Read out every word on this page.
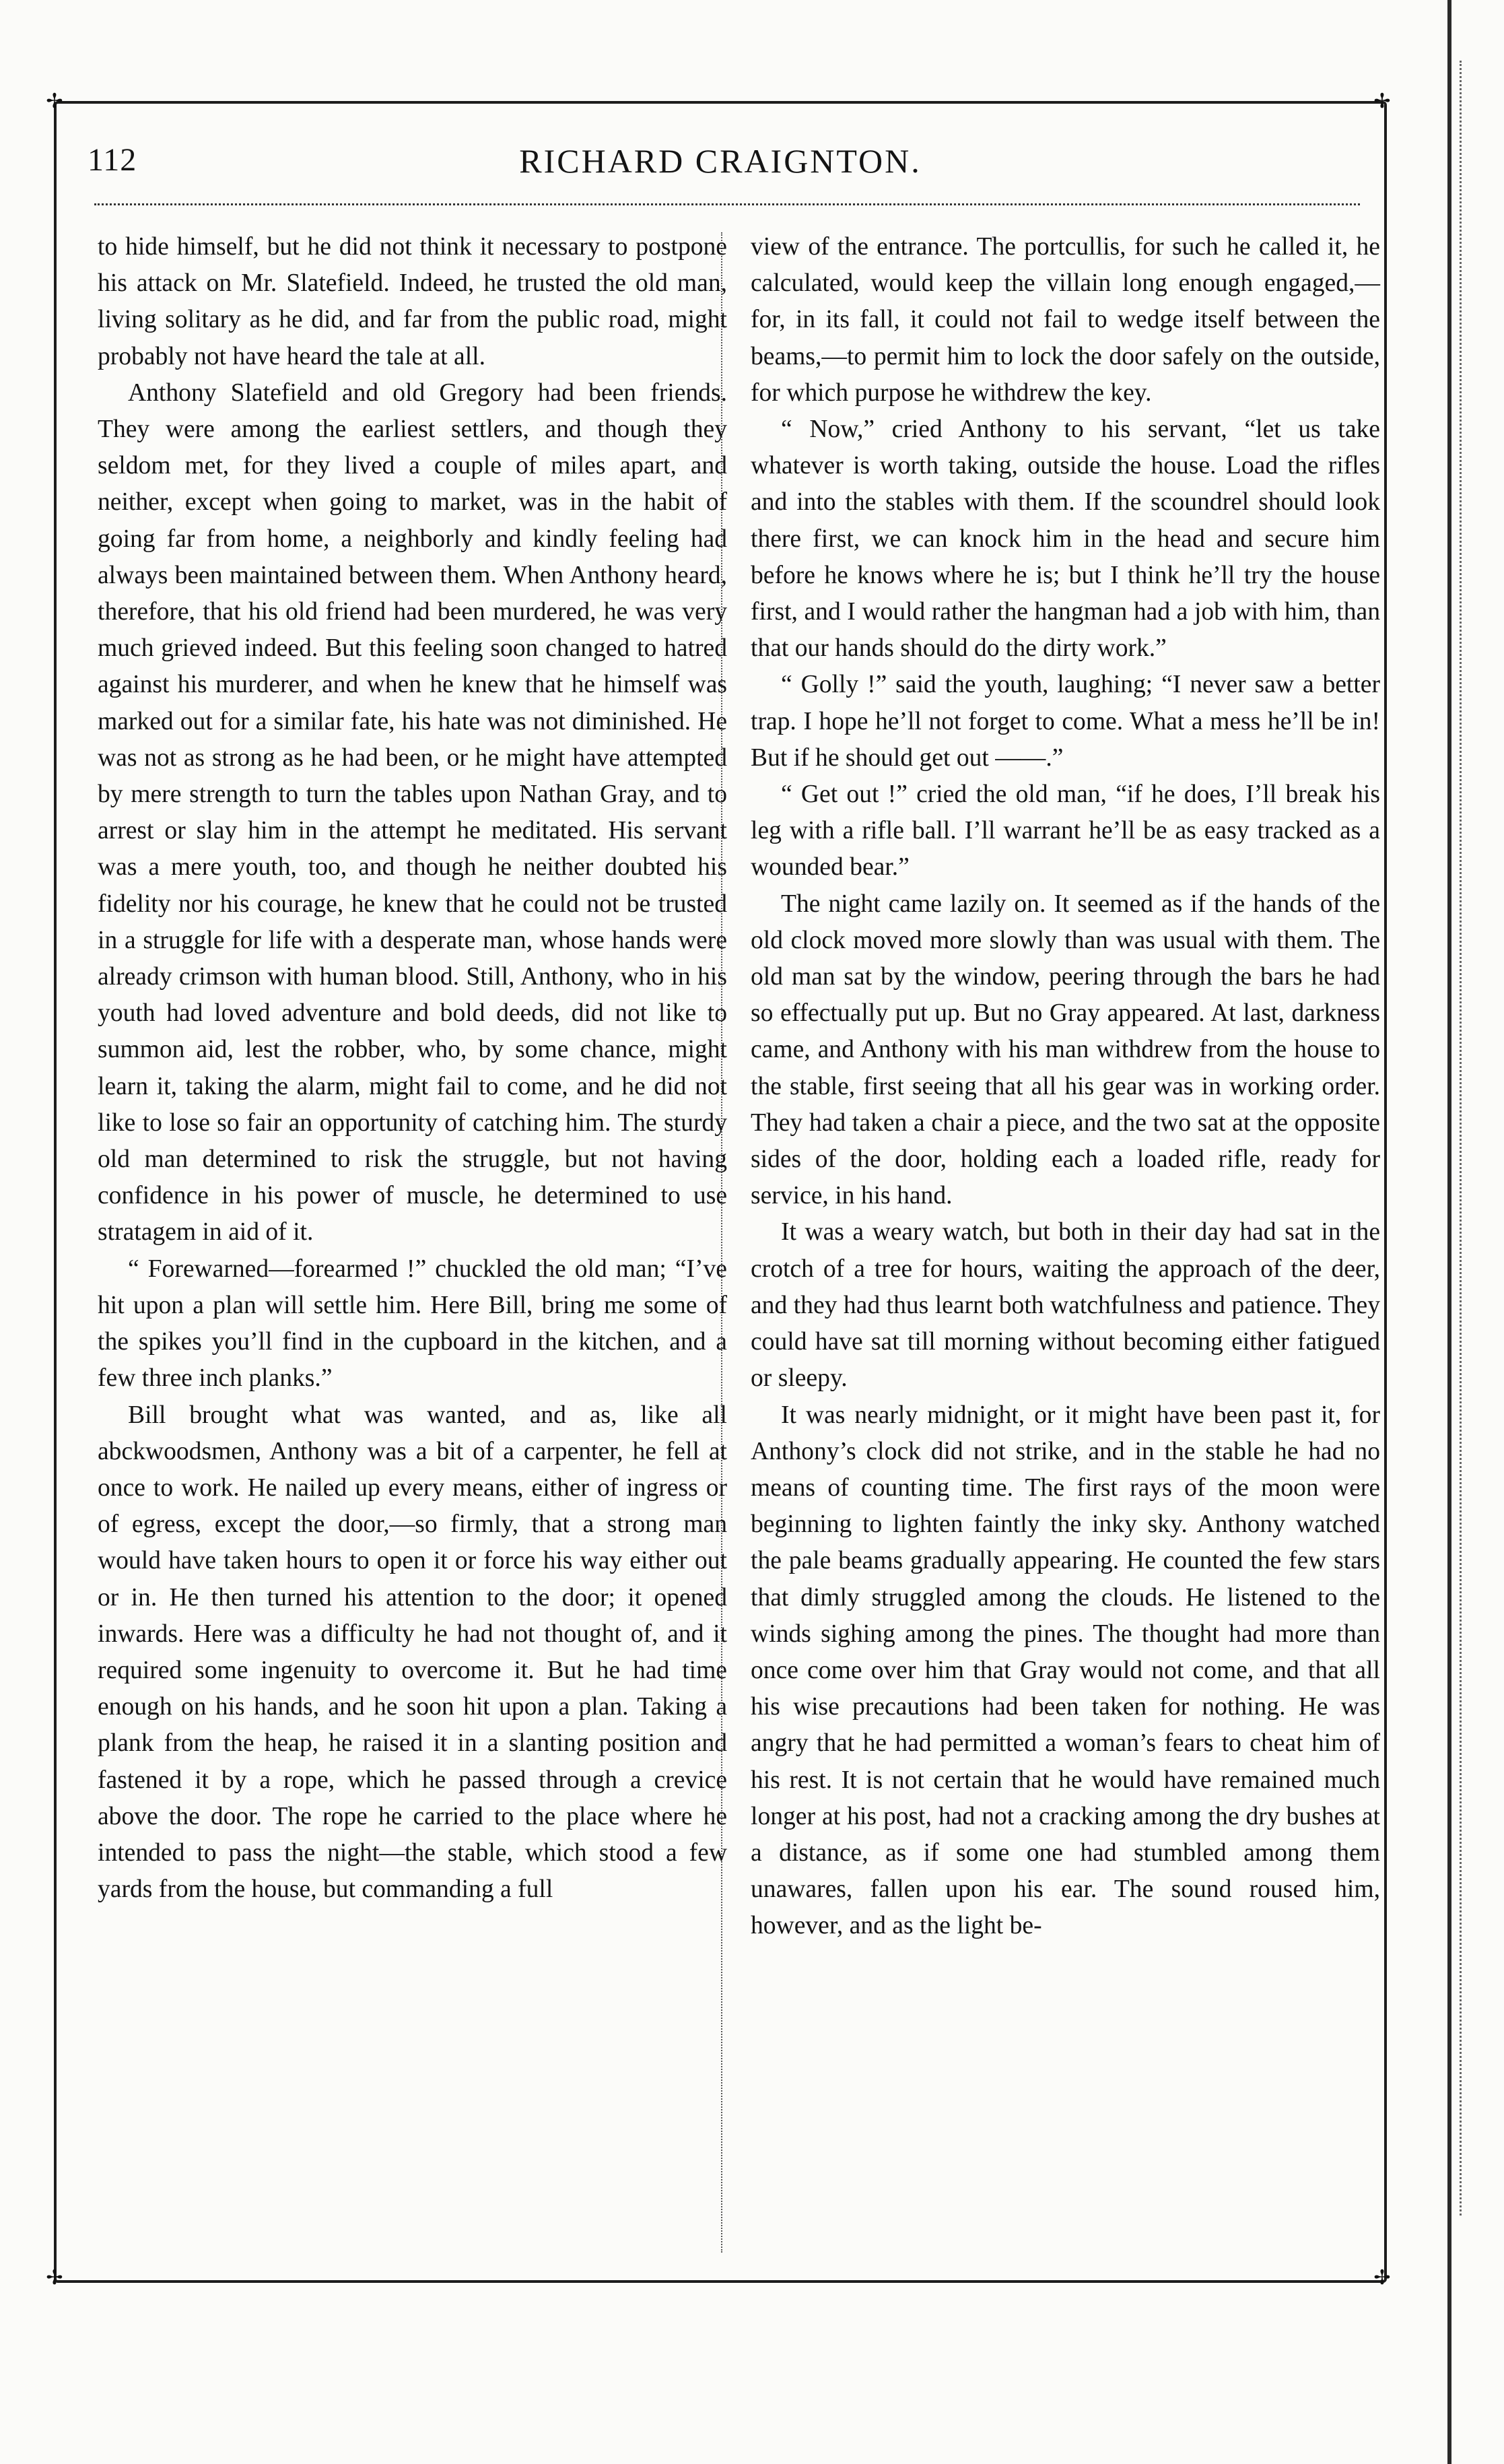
✢	✢
✢	✢
112	RICHARD CRAIGNTON.

to hide himself, but he did not think it necessary to postpone his attack on Mr. Slatefield. Indeed, he trusted the old man, living solitary as he did, and far from the public road, might probably not have heard the tale at all.

Anthony Slatefield and old Gregory had been friends. They were among the earliest settlers, and though they seldom met, for they lived a couple of miles apart, and neither, except when going to market, was in the habit of going far from home, a neighborly and kindly feeling had always been maintained between them. When Anthony heard, therefore, that his old friend had been murdered, he was very much grieved indeed. But this feeling soon changed to hatred against his murderer, and when he knew that he himself was marked out for a similar fate, his hate was not diminished. He was not as strong as he had been, or he might have attempted by mere strength to turn the tables upon Nathan Gray, and to arrest or slay him in the attempt he meditated. His servant was a mere youth, too, and though he neither doubted his fidelity nor his courage, he knew that he could not be trusted in a struggle for life with a desperate man, whose hands were already crimson with human blood. Still, Anthony, who in his youth had loved adventure and bold deeds, did not like to summon aid, lest the robber, who, by some chance, might learn it, taking the alarm, might fail to come, and he did not like to lose so fair an opportunity of catching him. The sturdy old man determined to risk the struggle, but not having confidence in his power of muscle, he determined to use stratagem in aid of it.

“ Forewarned—forearmed !” chuckled the old man; “I’ve hit upon a plan will settle him. Here Bill, bring me some of the spikes you’ll find in the cupboard in the kitchen, and a few three inch planks.”

Bill brought what was wanted, and as, like all abckwoodsmen, Anthony was a bit of a carpenter, he fell at once to work. He nailed up every means, either of ingress or of egress, except the door,—so firmly, that a strong man would have taken hours to open it or force his way either out or in. He then turned his attention to the door; it opened inwards. Here was a difficulty he had not thought of, and it required some ingenuity to overcome it. But he had time enough on his hands, and he soon hit upon a plan. Taking a plank from the heap, he raised it in a slanting position and fastened it by a rope, which he passed through a crevice above the door. The rope he carried to the place where he intended to pass the night—the stable, which stood a few yards from the house, but commanding a full

view of the entrance. The portcullis, for such he called it, he calculated, would keep the villain long enough engaged,—for, in its fall, it could not fail to wedge itself between the beams,—to permit him to lock the door safely on the outside, for which purpose he withdrew the key.

“ Now,” cried Anthony to his servant, “let us take whatever is worth taking, outside the house. Load the rifles and into the stables with them. If the scoundrel should look there first, we can knock him in the head and secure him before he knows where he is; but I think he’ll try the house first, and I would rather the hangman had a job with him, than that our hands should do the dirty work.”

“ Golly !” said the youth, laughing; “I never saw a better trap. I hope he’ll not forget to come. What a mess he’ll be in! But if he should get out ——.”

“ Get out !” cried the old man, “if he does, I’ll break his leg with a rifle ball. I’ll warrant he’ll be as easy tracked as a wounded bear.”

The night came lazily on. It seemed as if the hands of the old clock moved more slowly than was usual with them. The old man sat by the window, peering through the bars he had so effectually put up. But no Gray appeared. At last, darkness came, and Anthony with his man withdrew from the house to the stable, first seeing that all his gear was in working order. They had taken a chair a piece, and the two sat at the opposite sides of the door, holding each a loaded rifle, ready for service, in his hand.

It was a weary watch, but both in their day had sat in the crotch of a tree for hours, waiting the approach of the deer, and they had thus learnt both watchfulness and patience. They could have sat till morning without becoming either fatigued or sleepy.

It was nearly midnight, or it might have been past it, for Anthony’s clock did not strike, and in the stable he had no means of counting time. The first rays of the moon were beginning to lighten faintly the inky sky. Anthony watched the pale beams gradually appearing. He counted the few stars that dimly struggled among the clouds. He listened to the winds sighing among the pines. The thought had more than once come over him that Gray would not come, and that all his wise precautions had been taken for nothing. He was angry that he had permitted a woman’s fears to cheat him of his rest. It is not certain that he would have remained much longer at his post, had not a cracking among the dry bushes at a distance, as if some one had stumbled among them unawares, fallen upon his ear. The sound roused him, however, and as the light be-
